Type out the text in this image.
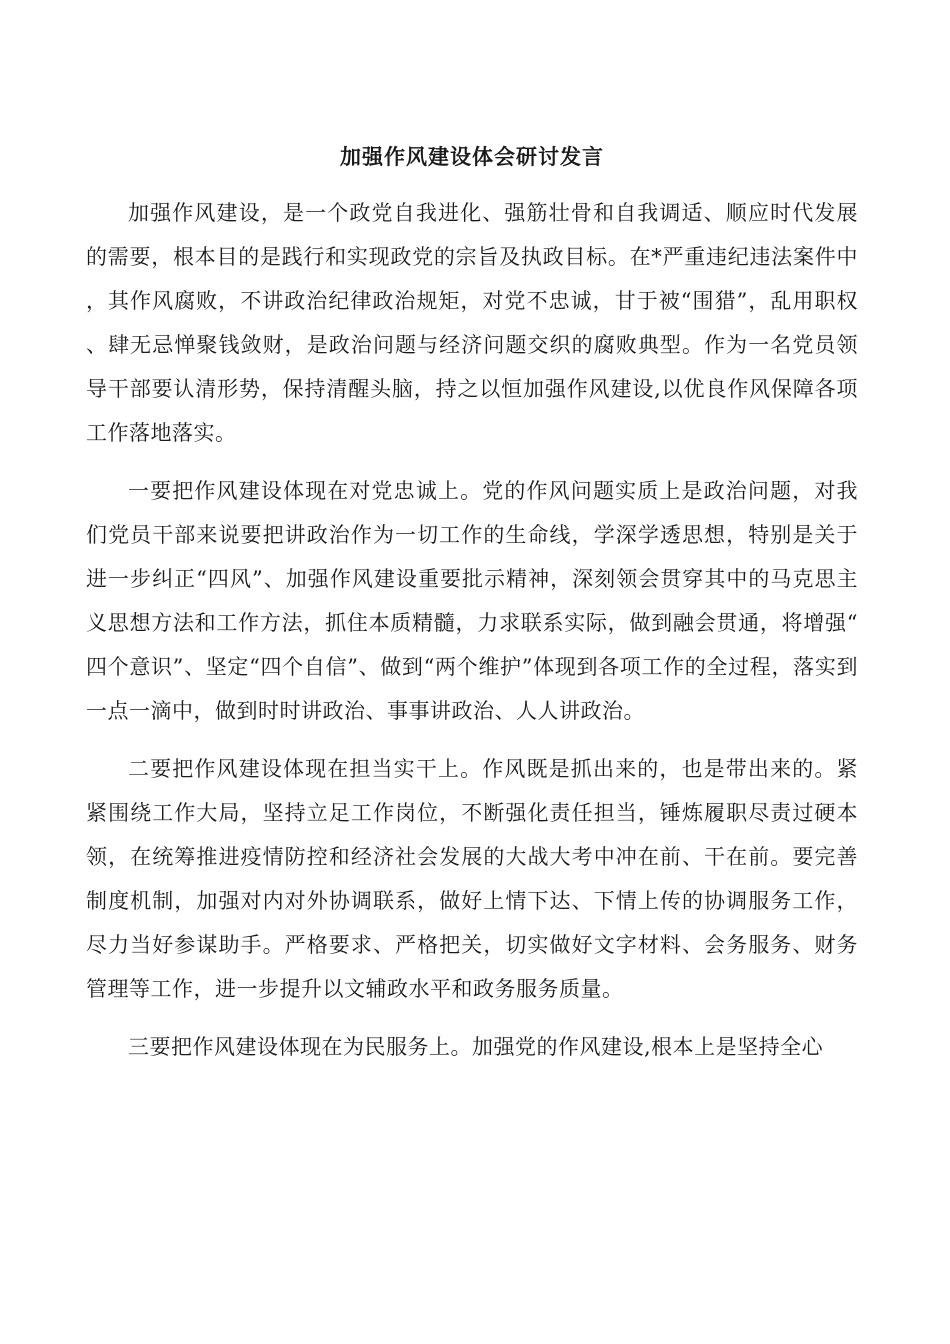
加强作风建设体会研讨发言

加强作风建设，是一个政党自我进化、强筋壮骨和自我调适、顺应时代发展的需要，根本目的是践行和实现政党的宗旨及执政目标。在*严重违纪违法案件中，其作风腐败，不讲政治纪律政治规矩，对党不忠诚，甘于被“围猎”，乱用职权、肆无忌惮聚钱敛财，是政治问题与经济问题交织的腐败典型。作为一名党员领导干部要认清形势，保持清醒头脑，持之以恒加强作风建设,以优良作风保障各项工作落地落实。

一要把作风建设体现在对党忠诚上。党的作风问题实质上是政治问题，对我们党员干部来说要把讲政治作为一切工作的生命线，学深学透思想，特别是关于进一步纠正“四风”、加强作风建设重要批示精神，深刻领会贯穿其中的马克思主义思想方法和工作方法，抓住本质精髓，力求联系实际，做到融会贯通，将增强“四个意识”、坚定“四个自信”、做到“两个维护”体现到各项工作的全过程，落实到一点一滴中，做到时时讲政治、事事讲政治、人人讲政治。

二要把作风建设体现在担当实干上。作风既是抓出来的，也是带出来的。紧紧围绕工作大局，坚持立足工作岗位，不断强化责任担当，锤炼履职尽责过硬本领，在统筹推进疫情防控和经济社会发展的大战大考中冲在前、干在前。要完善制度机制，加强对内对外协调联系，做好上情下达、下情上传的协调服务工作，尽力当好参谋助手。严格要求、严格把关，切实做好文字材料、会务服务、财务管理等工作，进一步提升以文辅政水平和政务服务质量。

三要把作风建设体现在为民服务上。加强党的作风建设,根本上是坚持全心
